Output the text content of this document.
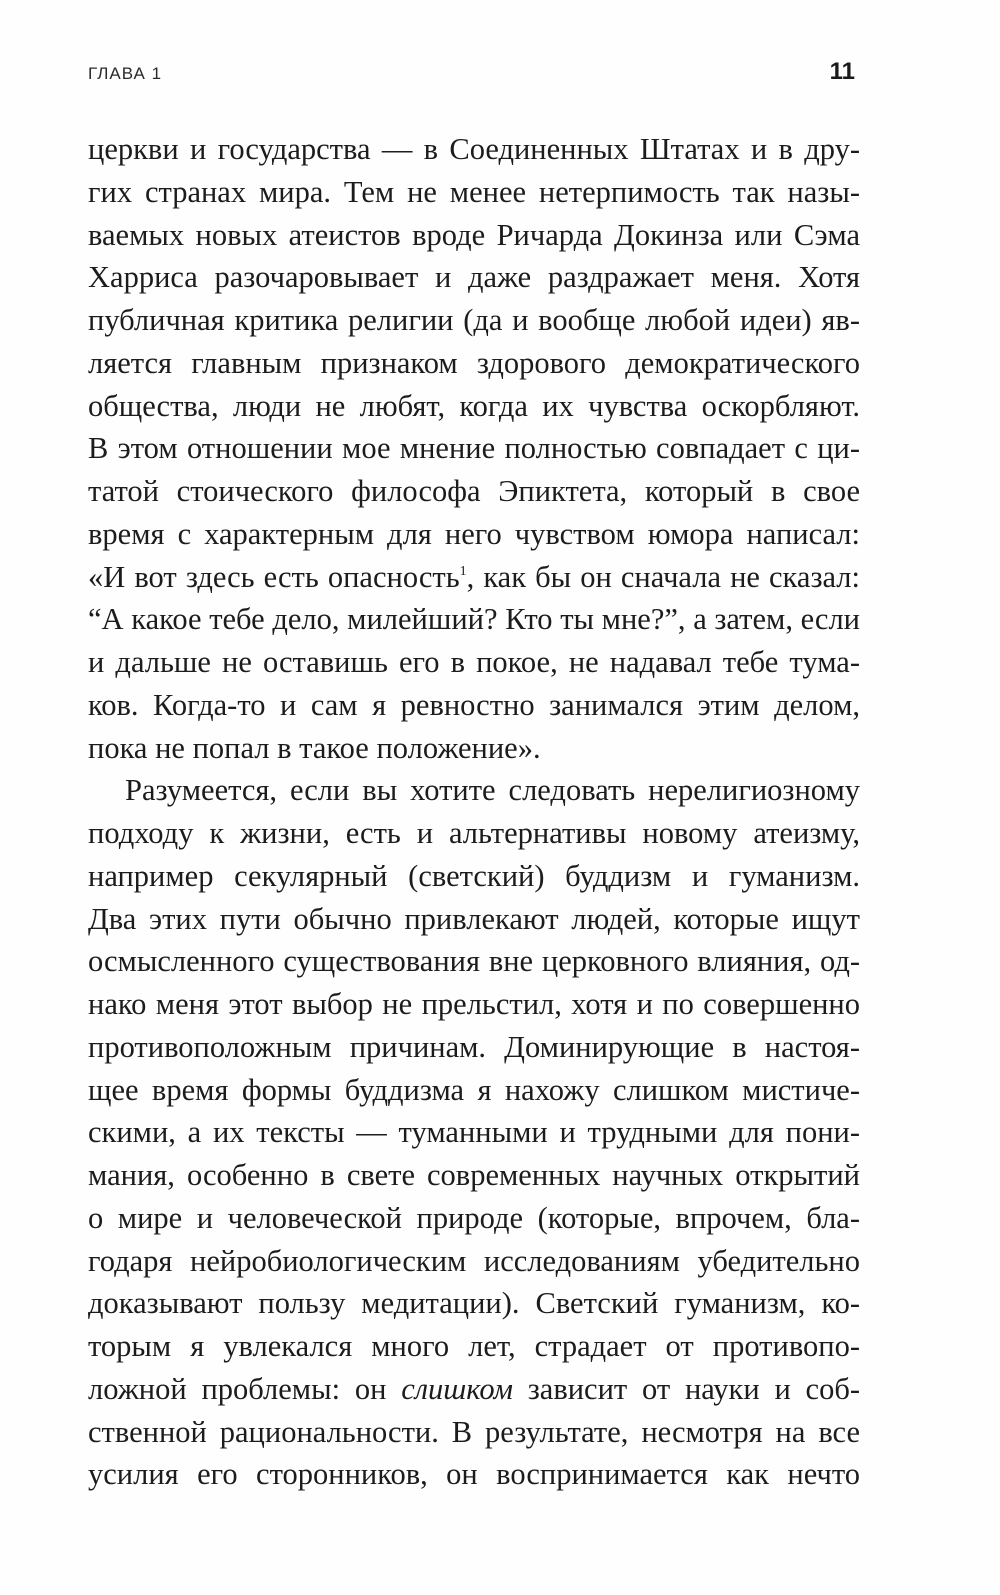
ГЛАВА 1	11
церкви и государства — в Соединенных Штатах и в дру-
гих странах мира. Тем не менее нетерпимость так назы-
ваемых новых атеистов вроде Ричарда Докинза или Сэма
Харриса разочаровывает и даже раздражает меня. Хотя
публичная критика религии (да и вообще любой идеи) яв-
ляется главным признаком здорового демократического
общества, люди не любят, когда их чувства оскорбляют.
В этом отношении мое мнение полностью совпадает с ци-
татой стоического философа Эпиктета, который в свое
время с характерным для него чувством юмора написал:
«И вот здесь есть опасность$^1$, как бы он сначала не сказал:
“А какое тебе дело, милейший? Кто ты мне?”, а затем, если
и дальше не оставишь его в покое, не надавал тебе тума-
ков. Когда-то и сам я ревностно занимался этим делом,
пока не попал в такое положение».
Разумеется, если вы хотите следовать нерелигиозному
подходу к жизни, есть и альтернативы новому атеизму,
например секулярный (светский) буддизм и гуманизм.
Два этих пути обычно привлекают людей, которые ищут
осмысленного существования вне церковного влияния, од-
нако меня этот выбор не прельстил, хотя и по совершенно
противоположным причинам. Доминирующие в настоя-
щее время формы буддизма я нахожу слишком мистиче-
скими, а их тексты — туманными и трудными для пони-
мания, особенно в свете современных научных открытий
о мире и человеческой природе (которые, впрочем, бла-
годаря нейробиологическим исследованиям убедительно
доказывают пользу медитации). Светский гуманизм, ко-
торым я увлекался много лет, страдает от противопо-
ложной проблемы: он слишком зависит от науки и соб-
ственной рациональности. В результате, несмотря на все
усилия его сторонников, он воспринимается как нечто
